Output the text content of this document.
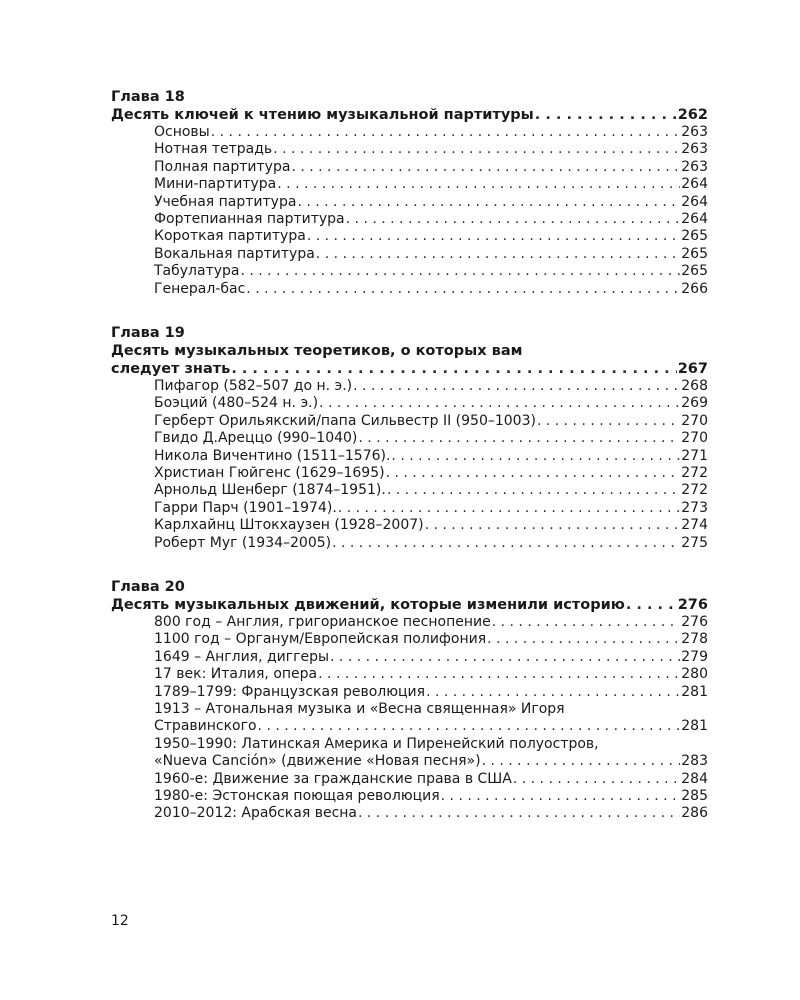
Глава 18
Десять ключей к чтению музыкальной партитуры . . .	262
Основы . . .	263
Нотная тетрадь . . .	263
Полная партитура . . .	263
Мини-партитура . . .	264
Учебная партитура . . .	264
Фортепианная партитура . . .	264
Короткая партитура . . .	265
Вокальная партитура . . .	265
Табулатура . . .	265
Генерал-бас . . .	266
Глава 19
Десять музыкальных теоретиков, о которых вам
следует знать . . .	267
Пифагор (582–507 до н. э.) . . .	268
Боэций (480–524 н. э.) . . .	269
Герберт Орильякский/папа Сильвестр II (950–1003) . . .	270
Гвидо Д.Ареццо (990–1040) . . .	270
Никола Вичентино (1511–1576). . . .	271
Христиан Гюйгенс (1629–1695) . . .	272
Арнольд Шенберг (1874–1951). . . .	272
Гарри Парч (1901–1974). . . .	273
Карлхайнц Штокхаузен (1928–2007) . . .	274
Роберт Муг (1934–2005) . . .	275
Глава 20
Десять музыкальных движений, которые изменили историю . . .	276
800 год – Англия, григорианское песнопение . . .	276
1100 год – Органум/Европейская полифония . . .	278
1649 – Англия, диггеры . . .	279
17 век: Италия, опера . . .	280
1789–1799: Французская революция . . .	281
1913 – Атональная музыка и «Весна священная» Игоря
Стравинского . . .	281
1950–1990: Латинская Америка и Пиренейский полуостров,
«Nueva Canción» (движение «Новая песня») . . .	283
1960-е: Движение за гражданские права в США . . .	284
1980-е: Эстонская поющая революция . . .	285
2010–2012: Арабская весна . . .	286
12
